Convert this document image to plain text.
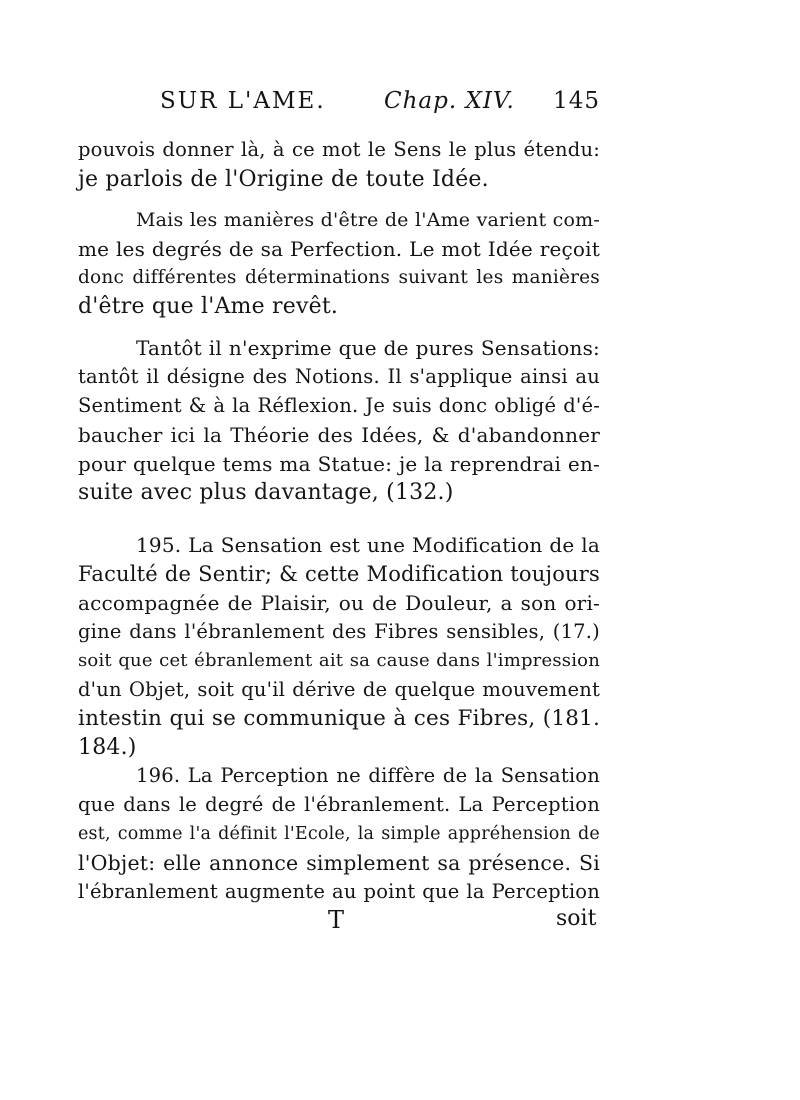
SUR L'AME.	Chap. XIV. 145
pouvois donner là, à ce mot le Sens le plus étendu:
je parlois de l'Origine de toute Idée.
Mais les manières d'être de l'Ame varient com-
me les degrés de sa Perfection. Le mot Idée reçoit
donc différentes déterminations suivant les manières
d'être que l'Ame revêt.
Tantôt il n'exprime que de pures Sensations:
tantôt il désigne des Notions. Il s'applique ainsi au
Sentiment & à la Réflexion. Je suis donc obligé d'é-
baucher ici la Théorie des Idées, & d'abandonner
pour quelque tems ma Statue: je la reprendrai en-
suite avec plus davantage, (132.)
195. La Sensation est une Modification de la
Faculté de Sentir; & cette Modification toujours
accompagnée de Plaisir, ou de Douleur, a son ori-
gine dans l'ébranlement des Fibres sensibles, (17.)
soit que cet ébranlement ait sa cause dans l'impression
d'un Objet, soit qu'il dérive de quelque mouvement
intestin qui se communique à ces Fibres, (181.
184.)
196. La Perception ne diffère de la Sensation
que dans le degré de l'ébranlement. La Perception
est, comme l'a définit l'Ecole, la simple appréhension de
l'Objet: elle annonce simplement sa présence. Si
l'ébranlement augmente au point que la Perception
T	soit
